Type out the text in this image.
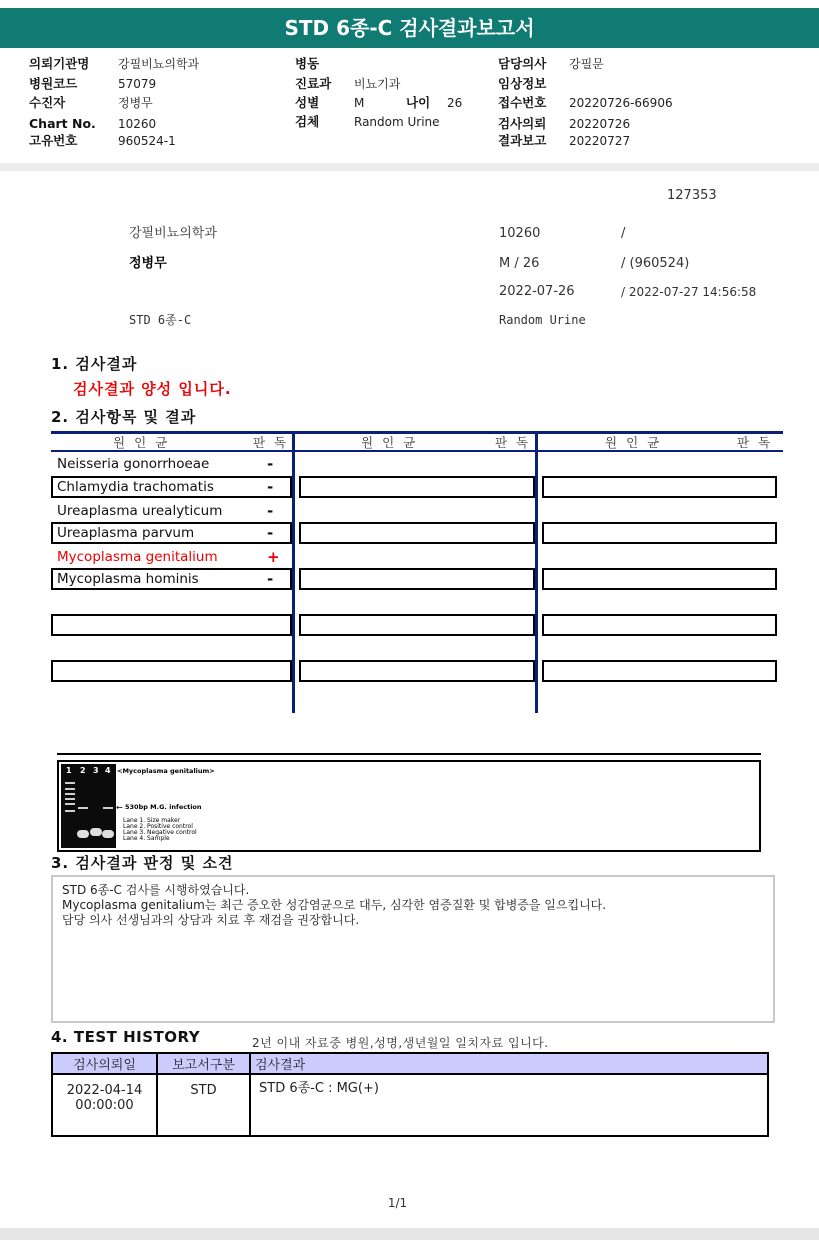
STD 6종-C 검사결과보고서
의뢰기관명 강필비뇨의학과
병원코드	57079
수진자	정병무
Chart No. 10260
고유번호	960524-1
병동
진료과 비뇨기과
성별	M	나이 26
검체	Random Urine
담당의사 강필문
임상정보
접수번호 20220726-66906
검사의뢰 20220726
결과보고 20220727
127353
강필비뇨의학과	10260	/
정병무	M / 26	/ (960524)
2022-07-26	/ 2022-07-27 14:56:58
STD 6종-C	Random Urine
1. 검사결과
검사결과 양성 입니다.
2. 검사항목 및 결과
원인균	판독	원인균	판독	원인균	판독
Neisseria gonorrhoeae	-
Chlamydia trachomatis	-
Ureaplasma urealyticum	-
Ureaplasma parvum	-
Mycoplasma genitalium	+
Mycoplasma hominis	-
1 2 3 4 <Mycoplasma genitalium>
← 530bp M.G. infection
Lane 1. Size maker
Lane 2. Positive control
Lane 3. Negative control
Lane 4. Sample
3. 검사결과 판정 및 소견
STD 6종-C 검사를 시행하였습니다.
Mycoplasma genitalium는 최근 증오한 성감염균으로 대두, 심각한 염증질환 및 합병증을 일으킵니다.
담당 의사 선생님과의 상담과 치료 후 재검을 권장합니다.
4. TEST HISTORY	2년 이내 자료중 병원,성명,생년월일 일치자료 입니다.
검사의뢰일	보고서구분	검사결과

2022-04-14
00:00:00	STD	STD 6종-C : MG(+)
1/1
